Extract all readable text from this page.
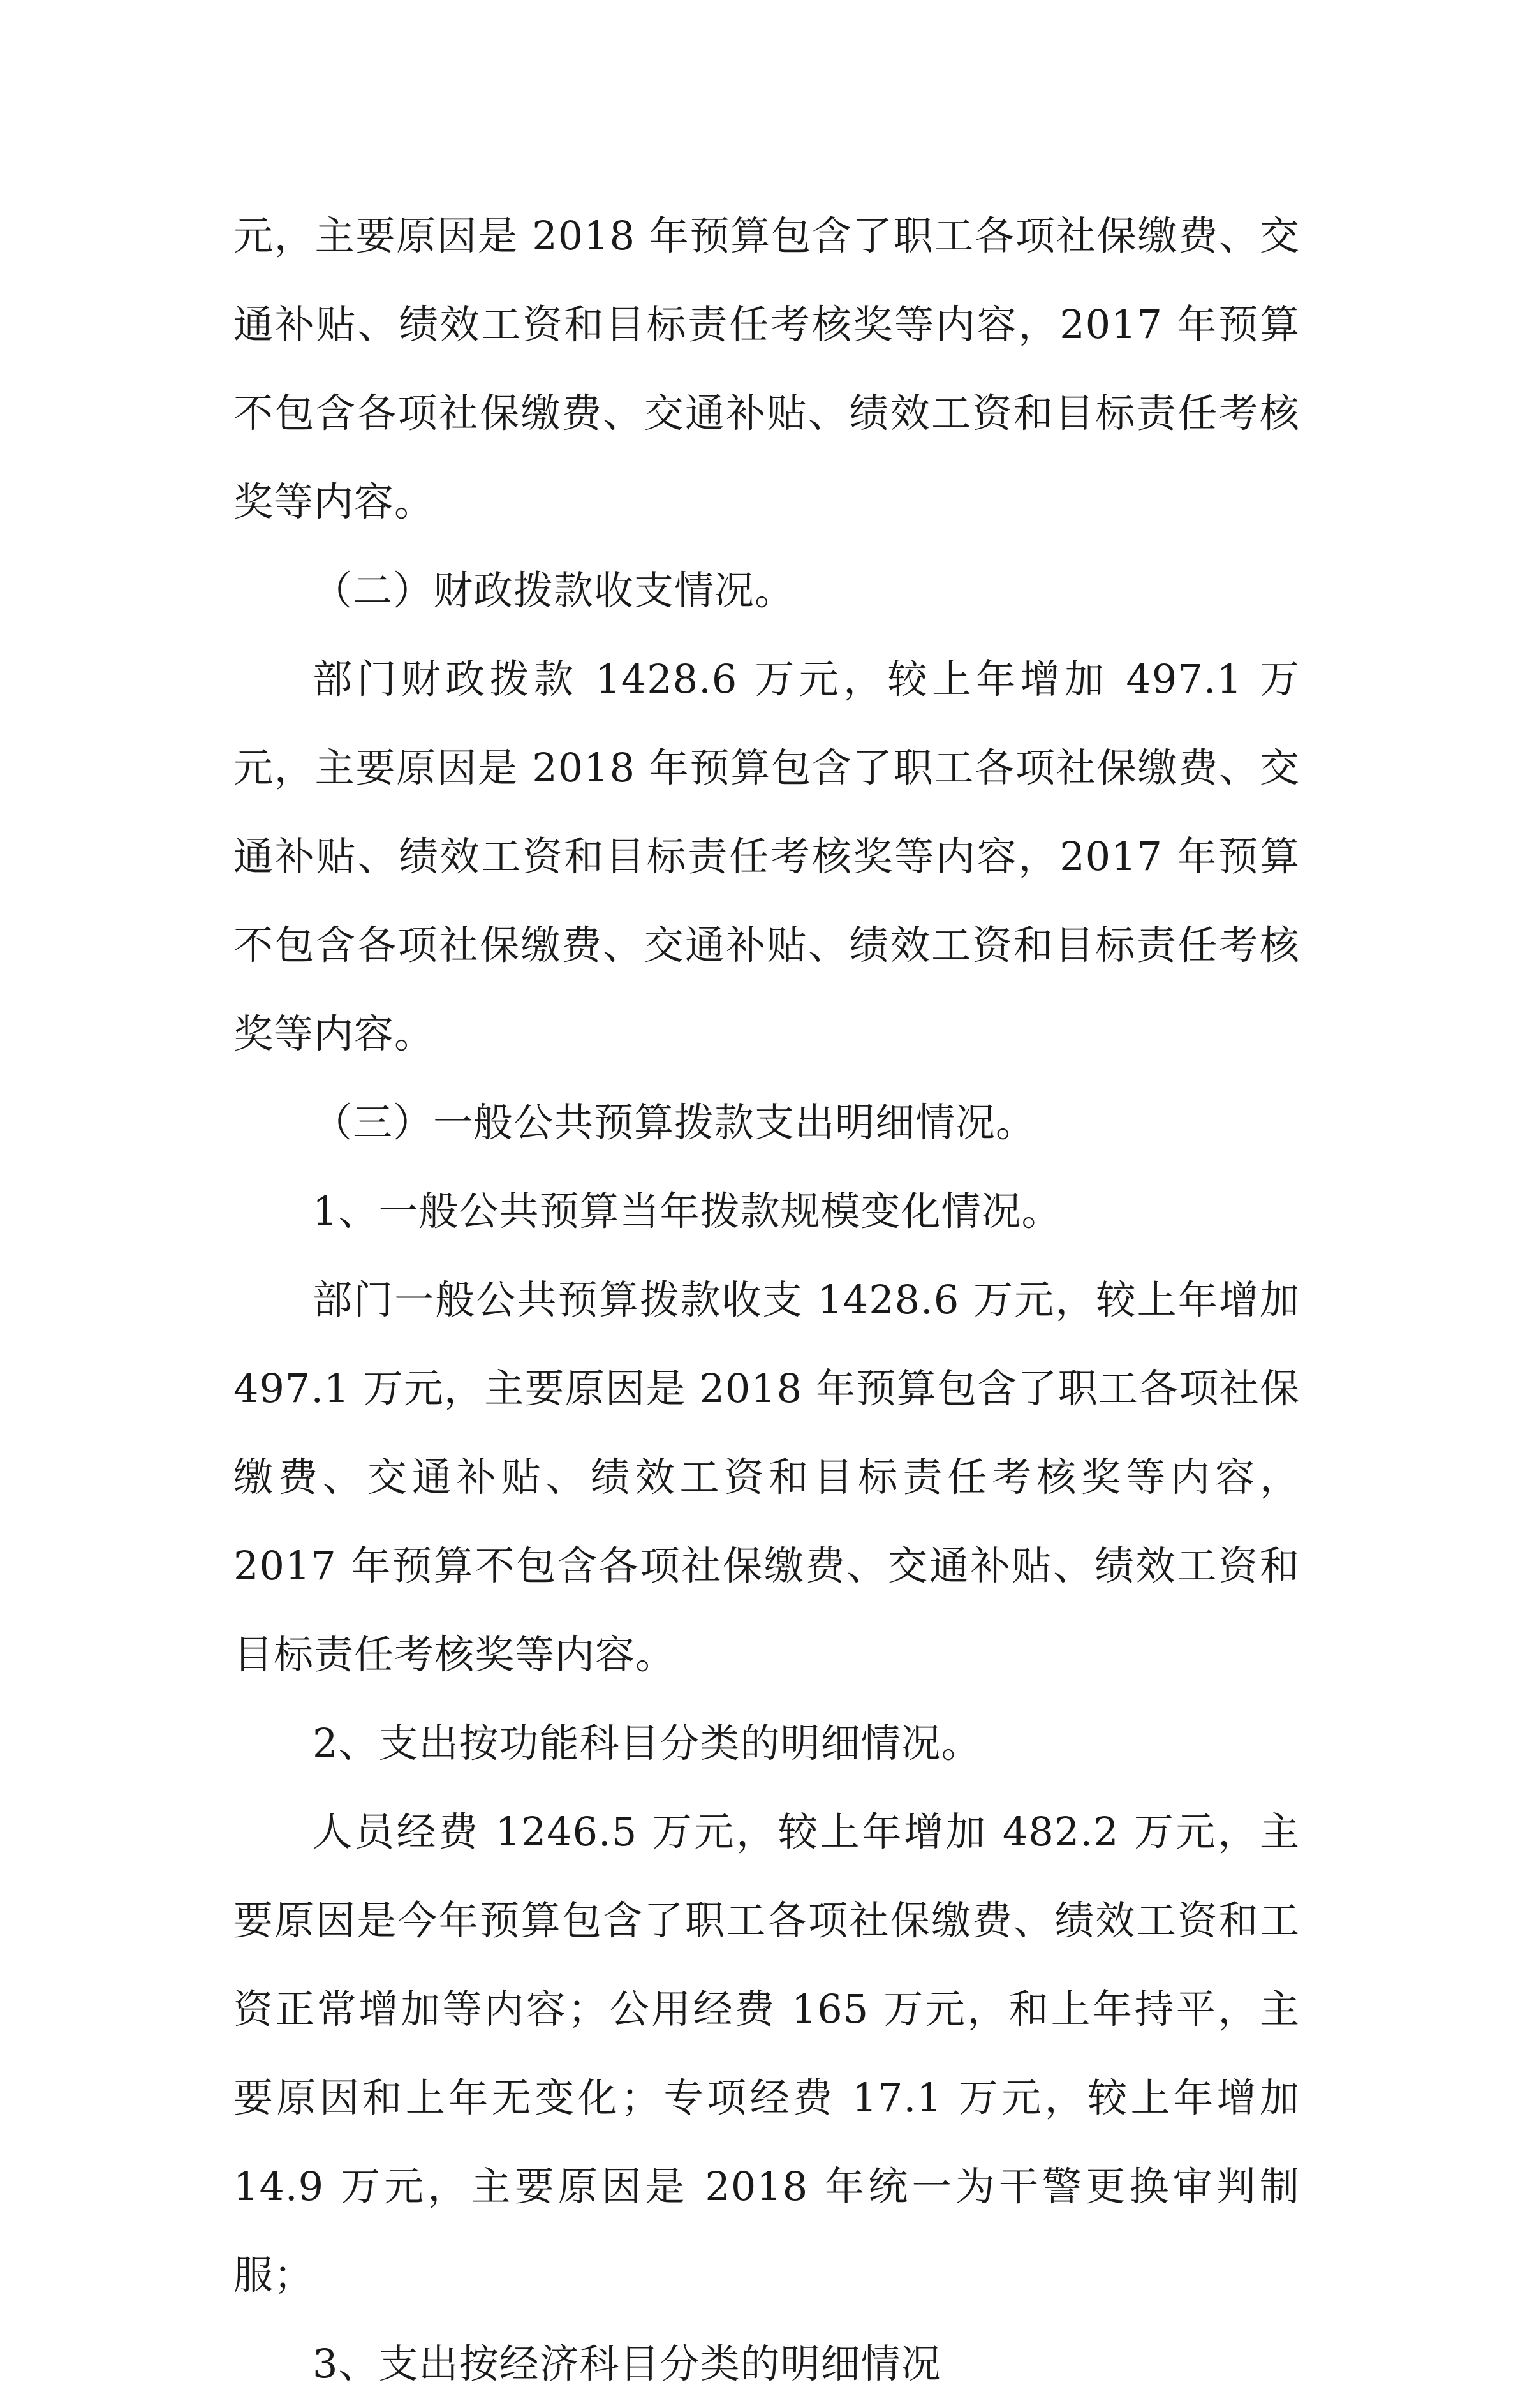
元，主要原因是 2018 年预算包含了职工各项社保缴费、交通补贴、绩效工资和目标责任考核奖等内容，2017 年预算不包含各项社保缴费、交通补贴、绩效工资和目标责任考核奖等内容。

（二）财政拨款收支情况。

部门财政拨款 1428.6 万元，较上年增加 497.1 万元，主要原因是 2018 年预算包含了职工各项社保缴费、交通补贴、绩效工资和目标责任考核奖等内容，2017 年预算不包含各项社保缴费、交通补贴、绩效工资和目标责任考核奖等内容。

（三）一般公共预算拨款支出明细情况。

1、一般公共预算当年拨款规模变化情况。

部门一般公共预算拨款收支 1428.6 万元，较上年增加 497.1 万元，主要原因是 2018 年预算包含了职工各项社保缴费、交通补贴、绩效工资和目标责任考核奖等内容，2017 年预算不包含各项社保缴费、交通补贴、绩效工资和目标责任考核奖等内容。

2、支出按功能科目分类的明细情况。

人员经费 1246.5 万元，较上年增加 482.2 万元，主要原因是今年预算包含了职工各项社保缴费、绩效工资和工资正常增加等内容；公用经费 165 万元，和上年持平，主要原因和上年无变化；专项经费 17.1 万元，较上年增加 14.9 万元，主要原因是 2018 年统一为干警更换审判制服；

3、支出按经济科目分类的明细情况
